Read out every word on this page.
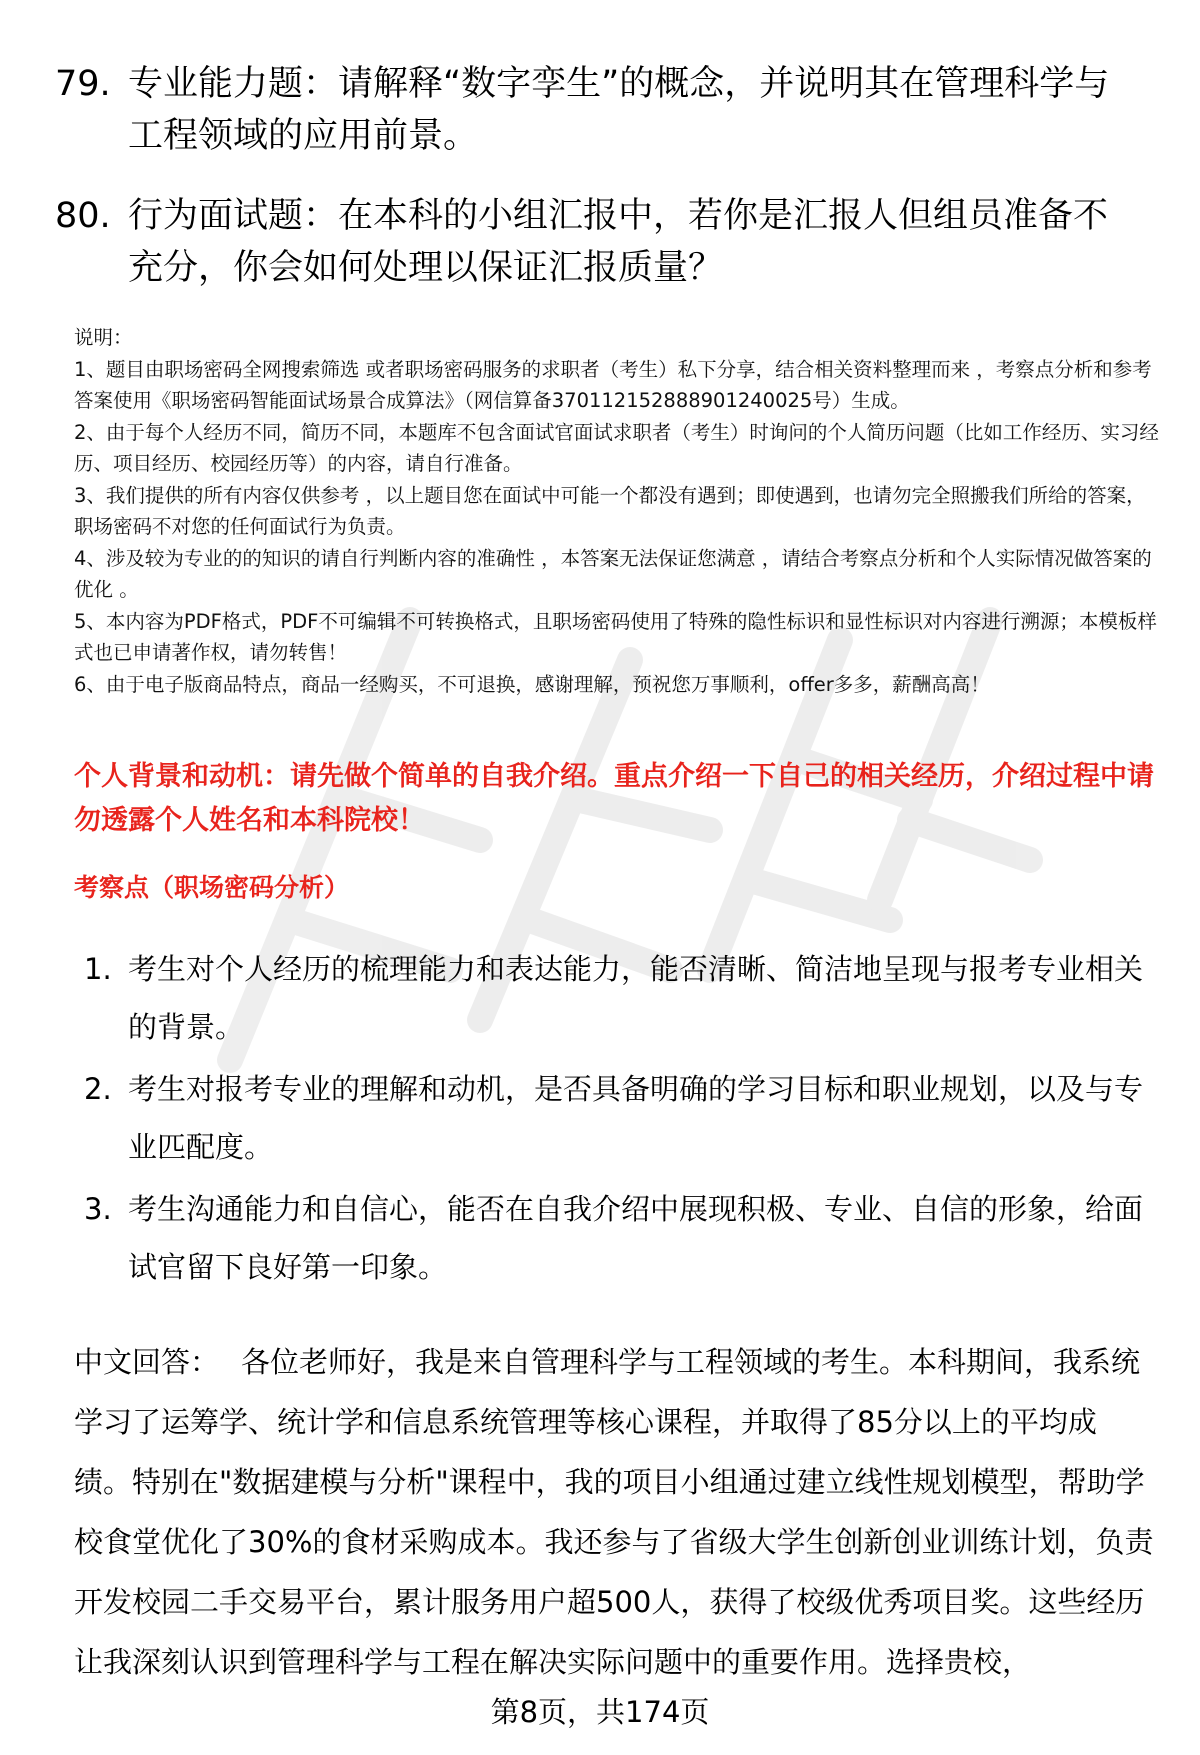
79. 专业能力题：请解释“数字孪生”的概念，并说明其在管理科学与工程领域的应用前景。
80. 行为面试题：在本科的小组汇报中，若你是汇报人但组员准备不充分，你会如何处理以保证汇报质量？

说明：

1、题目由职场密码全网搜索筛选 或者职场密码服务的求职者（考生）私下分享，结合相关资料整理而来 ，考察点分析和参考答案使用《职场密码智能面试场景合成算法》（网信算备370112152888901240025号）生成。

2、由于每个人经历不同，简历不同，本题库不包含面试官面试求职者（考生）时询问的个人简历问题（比如工作经历、实习经历、项目经历、校园经历等）的内容，请自行准备。

3、我们提供的所有内容仅供参考 ，以上题目您在面试中可能一个都没有遇到；即使遇到，也请勿完全照搬我们所给的答案，职场密码不对您的任何面试行为负责。

4、涉及较为专业的的知识的请自行判断内容的准确性 ，本答案无法保证您满意 ，请结合考察点分析和个人实际情况做答案的优化 。

5、本内容为PDF格式，PDF不可编辑不可转换格式，且职场密码使用了特殊的隐性标识和显性标识对内容进行溯源；本模板样式也已申请著作权，请勿转售！

6、由于电子版商品特点，商品一经购买，不可退换，感谢理解，预祝您万事顺利，offer多多，薪酬高高！

个人背景和动机：请先做个简单的自我介绍。重点介绍一下自己的相关经历，介绍过程中请勿透露个人姓名和本科院校！
考察点（职场密码分析）
1. 考生对个人经历的梳理能力和表达能力，能否清晰、简洁地呈现与报考专业相关的背景。
2. 考生对报考专业的理解和动机，是否具备明确的学习目标和职业规划，以及与专业匹配度。
3. 考生沟通能力和自信心，能否在自我介绍中展现积极、专业、自信的形象，给面试官留下良好第一印象。
中文回答： 各位老师好，我是来自管理科学与工程领域的考生。本科期间，我系统学习了运筹学、统计学和信息系统管理等核心课程，并取得了85分以上的平均成绩。特别在"数据建模与分析"课程中，我的项目小组通过建立线性规划模型，帮助学校食堂优化了30%的食材采购成本。我还参与了省级大学生创新创业训练计划，负责开发校园二手交易平台，累计服务用户超500人，获得了校级优秀项目奖。这些经历让我深刻认识到管理科学与工程在解决实际问题中的重要作用。选择贵校，
第8页，共174页
